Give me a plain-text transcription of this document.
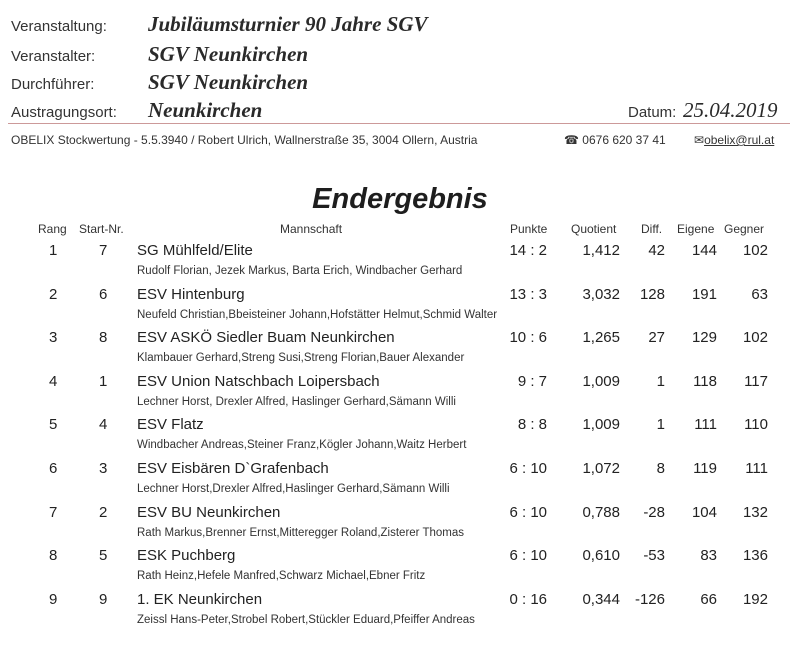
Veranstaltung: Jubiläumsturnier 90 Jahre SGV
Veranstalter:	SGV Neunkirchen
Durchführer:	SGV Neunkirchen
Austragungsort: Neunkirchen	Datum: 25.04.2019
OBELIX Stockwertung - 5.5.3940 / Robert Ulrich, Wallnerstraße 35, 3004 Ollern, Austria	☎ 0676 620 37 41 ✉obelix@rul.at
Endergebnis
Rang Start-Nr.	Mannschaft	Punkte Quotient Diff. Eigene Gegner
1	7 SG Mühlfeld/Elite
Rudolf Florian, Jezek Markus, Barta Erich, Windbacher Gerhard
14 : 2	1,412	42	144	102
2	6 ESV Hintenburg
Neufeld Christian,Bbeisteiner Johann,Hofstätter Helmut,Schmid Walter
13 : 3	3,032	128	191	63
3	8 ESV ASKÖ Siedler Buam Neunkirchen
Klambauer Gerhard,Streng Susi,Streng Florian,Bauer Alexander
10 : 6	1,265	27	129	102
4	1 ESV Union Natschbach Loipersbach
Lechner Horst, Drexler Alfred, Haslinger Gerhard,Sämann Willi
9 : 7	1,009	1	118	117
5	4 ESV Flatz
Windbacher Andreas,Steiner Franz,Kögler Johann,Waitz Herbert
8 : 8	1,009	1	111	110
6	3 ESV Eisbären D`Grafenbach
Lechner Horst,Drexler Alfred,Haslinger Gerhard,Sämann Willi
6 : 10	1,072	8	119	111
7	2 ESV BU Neunkirchen
Rath Markus,Brenner Ernst,Mitteregger Roland,Zisterer Thomas
6 : 10	0,788	-28	104	132
8	5 ESK Puchberg
Rath Heinz,Hefele Manfred,Schwarz Michael,Ebner Fritz
6 : 10	0,610	-53	83	136
9	9 1. EK Neunkirchen
Zeissl Hans-Peter,Strobel Robert,Stückler Eduard,Pfeiffer Andreas
0 : 16	0,344 -126	66	192
